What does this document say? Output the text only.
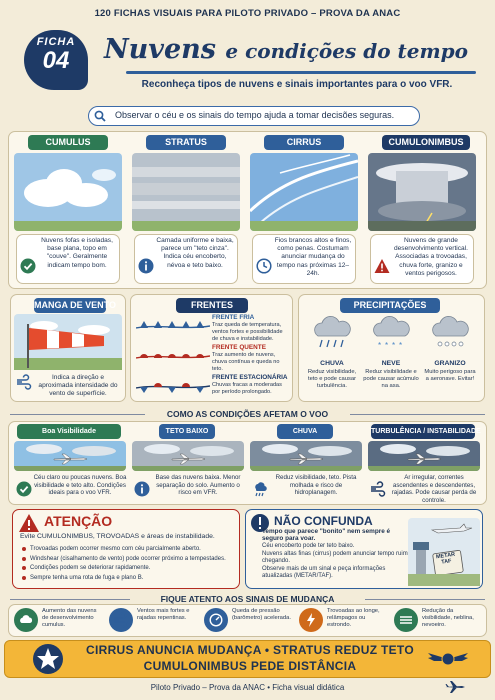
120 FICHAS VISUAIS PARA PILOTO PRIVADO – PROVA DA ANAC
FICHA
04	Nuvens e condições do tempo
Reconheça tipos de nuvens e sinais importantes para o voo VFR.
Observar o céu e os sinais do tempo ajuda a tomar decisões seguras.
CUMULUS
Nuvens fofas e isoladas, base plana, topo em "couve". Geralmente indicam tempo bom.
STRATUS
Camada uniforme e baixa, parece um "teto cinza". Indica céu encoberto, névoa e teto baixo.
CIRRUS
Fios brancos altos e finos, como penas. Costumam anunciar mudança do tempo nas próximas 12–24h.
CUMULONIMBUS
Nuvens de grande desenvolvimento vertical. Associadas a trovoadas, chuva forte, granizo e ventos perigosos.
MANGA DE VENTO
Indica a direção e aproximada intensidade do vento de superfície.
FRENTES
FRENTE FRIA
Traz queda de temperatura, ventos fortes e possibilidade de chuva e instabilidade.
FRENTE QUENTE
Traz aumento de nuvens, chuva contínua e queda no teto.
FRENTE ESTACIONÁRIA
Chuvas fracas a moderadas por período prolongado.
PRECIPITAÇÕES
CHUVA
Reduz visibilidade, teto e pode causar turbulência.
* * * *
NEVE
Reduz visibilidade e pode causar acúmulo na asa.
GRANIZO
Muito perigoso para a aeronave. Evitar!
COMO AS CONDIÇÕES AFETAM O VOO
Boa Visibilidade
Céu claro ou poucas nuvens. Boa visibilidade e teto alto. Condições ideais para o voo VFR.
TETO BAIXO
Base das nuvens baixa. Menor separação do solo. Aumento o risco em VFR.
CHUVA
Reduz visibilidade, teto. Pista molhada e risco de hidroplanagem.
TURBULÊNCIA / INSTABILIDADE
Ar irregular, correntes ascendentes e descendentes, rajadas. Pode causar perda de controle.
ATENÇÃO
Evite CUMULONIMBUS, TROVOADAS e áreas de instabilidade.
Trovoadas podem ocorrer mesmo com céu parcialmente aberto.
Windshear (cisalhamento de vento) pode ocorrer próximo a tempestades.
Condições podem se deteriorar rapidamente.
Sempre tenha uma rota de fuga e plano B.
NÃO CONFUNDA
Tempo que parece "bonito" nem sempre é seguro para voar.
Céu encoberto pode ter teto baixo.
Nuvens altas finas (cirrus) podem anunciar tempo ruim chegando.
Observe mais de um sinal e peça informações atualizadas (METAR/TAF).
METAR TAF
FIQUE ATENTO AOS SINAIS DE MUDANÇA
Aumento das nuvens de desenvolvimento cumulus.
Ventos mais fortes e rajadas repentinas.
Queda de pressão (barômetro) acelerada.
Trovoadas ao longe, relâmpagos ou estrondo.
Redução da visibilidade, neblina, nevoeiro.
CIRRUS ANUNCIA MUDANÇA • STRATUS REDUZ TETO
CUMULONIMBUS PEDE DISTÂNCIA
Piloto Privado – Prova da ANAC • Ficha visual didática
